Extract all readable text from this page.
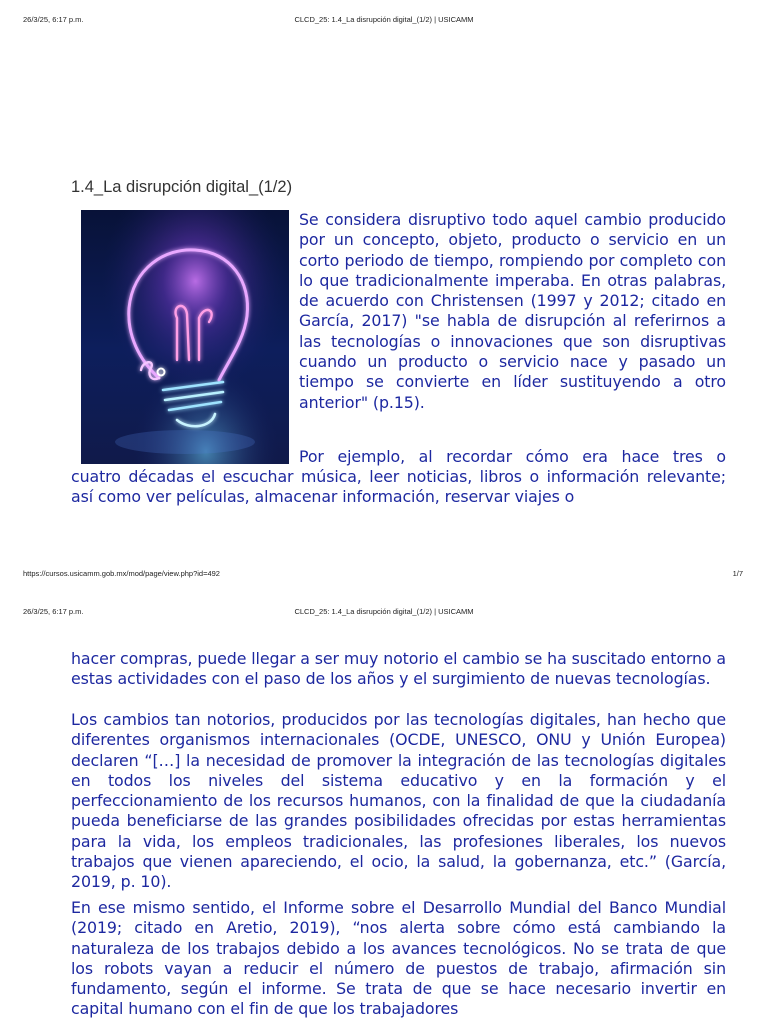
26/3/25, 6:17 p.m.	CLCD_25: 1.4_La disrupción digital_(1/2) | USICAMM
1.4_La disrupción digital_(1/2)

Se considera disruptivo todo aquel cambio producido por un concepto, objeto, producto o servicio en un corto periodo de tiempo, rompiendo por completo con lo que tradicionalmente imperaba. En otras palabras, de acuerdo con Christensen (1997 y 2012; citado en García, 2017) "se habla de disrupción al referirnos a las tecnologías o innovaciones que son disruptivas cuando un producto o servicio nace y pasado un tiempo se convierte en líder sustituyendo a otro anterior" (p.15).

Por ejemplo, al recordar cómo era hace tres o

cuatro décadas el escuchar música, leer noticias, libros o información relevante; así como ver películas, almacenar información, reservar viajes o

https://cursos.usicamm.gob.mx/mod/page/view.php?id=492	1/7
26/3/25, 6:17 p.m.	CLCD_25: 1.4_La disrupción digital_(1/2) | USICAMM

hacer compras, puede llegar a ser muy notorio el cambio se ha suscitado entorno a estas actividades con el paso de los años y el surgimiento de nuevas tecnologías.

Los cambios tan notorios, producidos por las tecnologías digitales, han hecho que diferentes organismos internacionales (OCDE, UNESCO, ONU y Unión Europea) declaren “[…] la necesidad de promover la integración de las tecnologías digitales en todos los niveles del sistema educativo y en la formación y el perfeccionamiento de los recursos humanos, con la finalidad de que la ciudadanía pueda beneficiarse de las grandes posibilidades ofrecidas por estas herramientas para la vida, los empleos tradicionales, las profesiones liberales, los nuevos trabajos que vienen apareciendo, el ocio, la salud, la gobernanza, etc.” (García, 2019, p. 10).

En ese mismo sentido, el Informe sobre el Desarrollo Mundial del Banco Mundial (2019; citado en Aretio, 2019), “nos alerta sobre cómo está cambiando la naturaleza de los trabajos debido a los avances tecnológicos. No se trata de que los robots vayan a reducir el número de puestos de trabajo, afirmación sin fundamento, según el informe. Se trata de que se hace necesario invertir en capital humano con el fin de que los trabajadores
